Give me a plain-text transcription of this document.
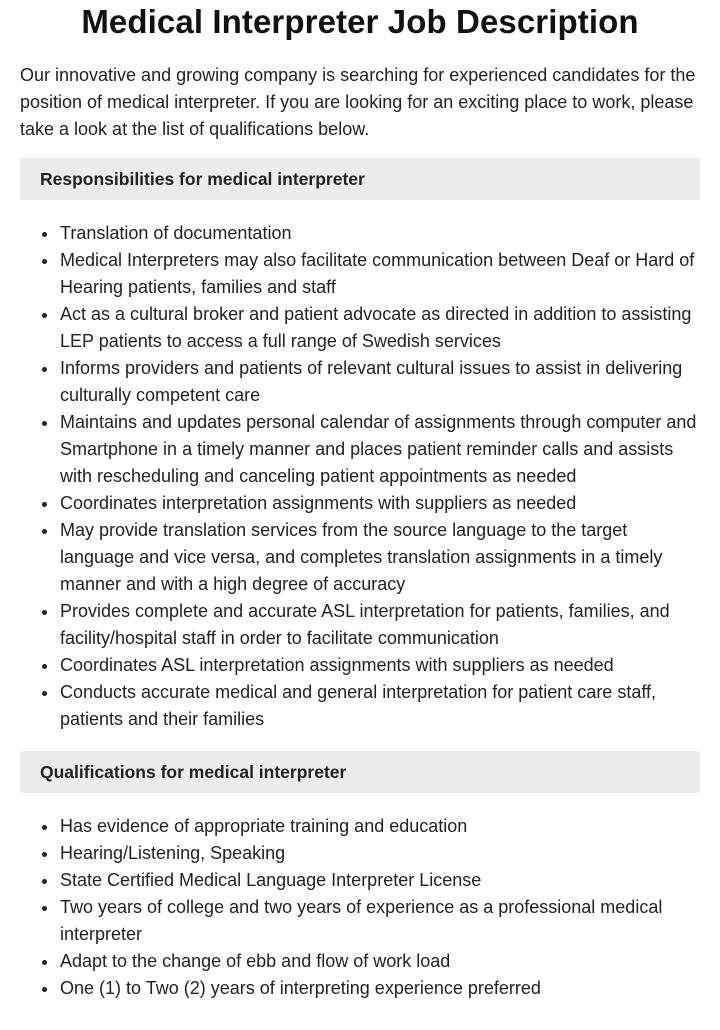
Medical Interpreter Job Description

Our innovative and growing company is searching for experienced candidates for the position of medical interpreter. If you are looking for an exciting place to work, please take a look at the list of qualifications below.

Responsibilities for medical interpreter
Translation of documentation
Medical Interpreters may also facilitate communication between Deaf or Hard of Hearing patients, families and staff
Act as a cultural broker and patient advocate as directed in addition to assisting LEP patients to access a full range of Swedish services
Informs providers and patients of relevant cultural issues to assist in delivering culturally competent care
Maintains and updates personal calendar of assignments through computer and Smartphone in a timely manner and places patient reminder calls and assists with rescheduling and canceling patient appointments as needed
Coordinates interpretation assignments with suppliers as needed
May provide translation services from the source language to the target language and vice versa, and completes translation assignments in a timely manner and with a high degree of accuracy
Provides complete and accurate ASL interpretation for patients, families, and facility/hospital staff in order to facilitate communication
Coordinates ASL interpretation assignments with suppliers as needed
Conducts accurate medical and general interpretation for patient care staff, patients and their families
Qualifications for medical interpreter
Has evidence of appropriate training and education
Hearing/Listening, Speaking
State Certified Medical Language Interpreter License
Two years of college and two years of experience as a professional medical interpreter
Adapt to the change of ebb and flow of work load
One (1) to Two (2) years of interpreting experience preferred
